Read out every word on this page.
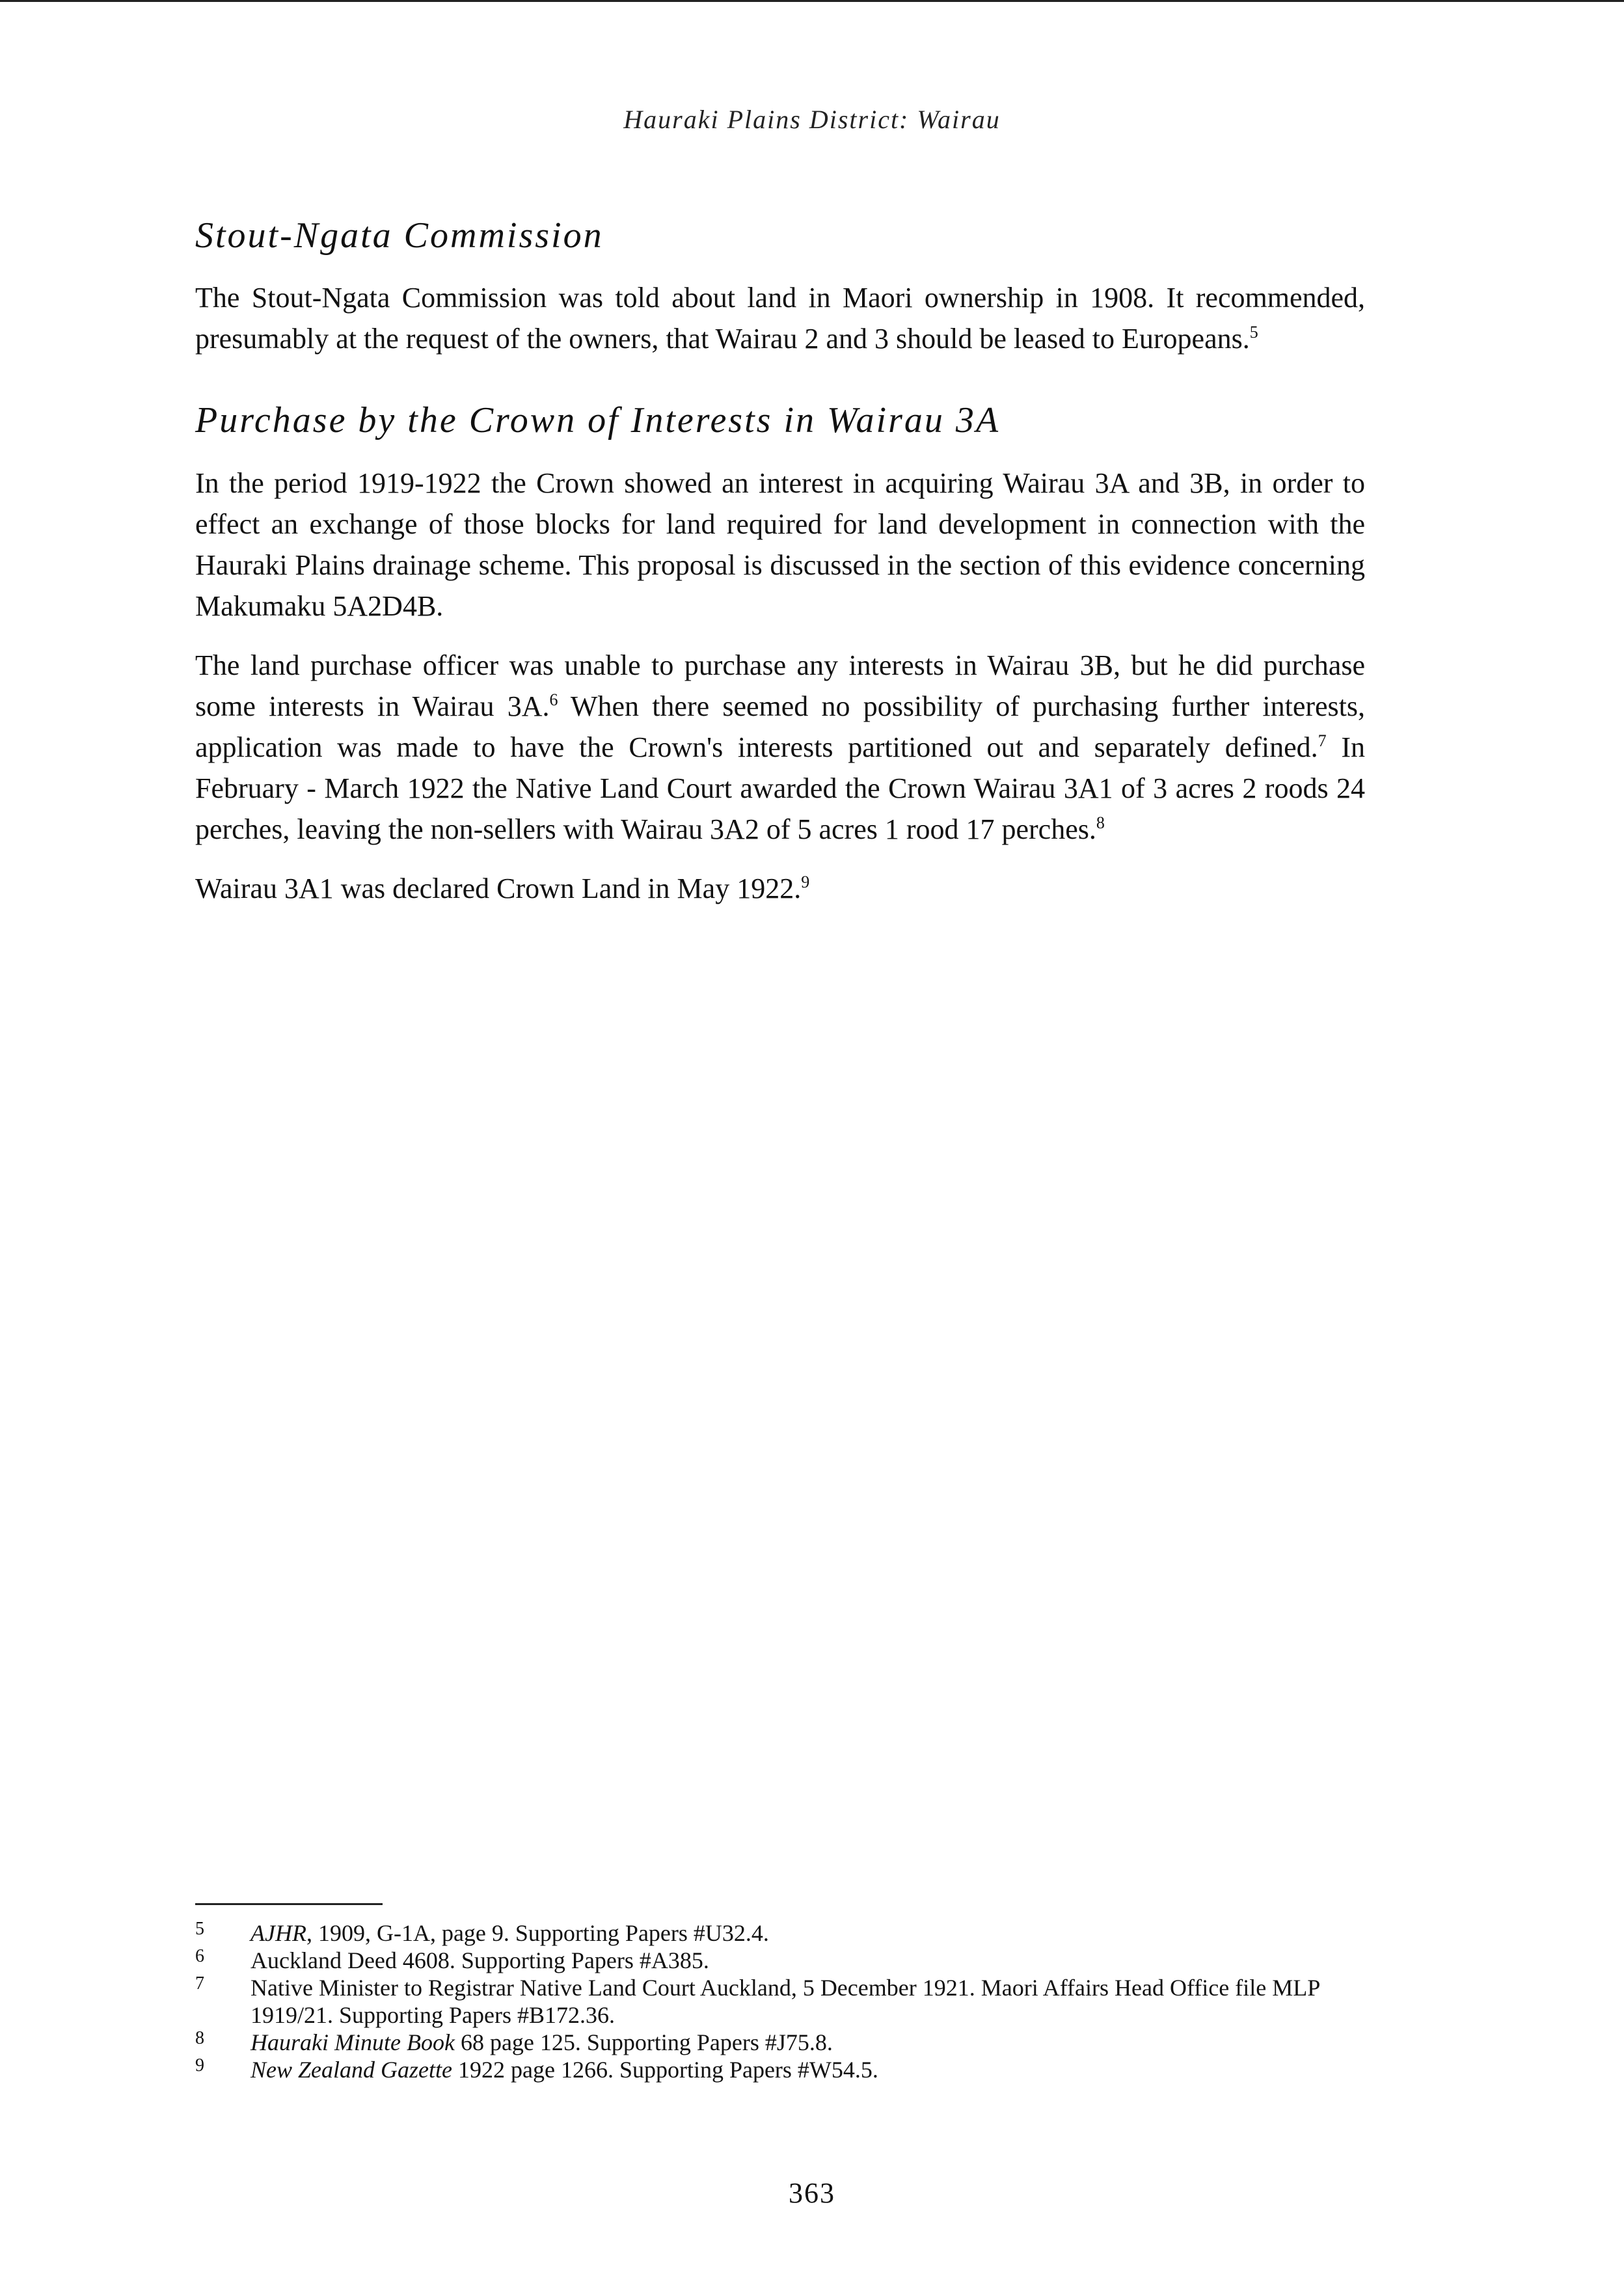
Hauraki Plains District: Wairau
Stout-Ngata Commission

The Stout-Ngata Commission was told about land in Maori ownership in 1908. It recommended, presumably at the request of the owners, that Wairau 2 and 3 should be leased to Europeans.$^5$

Purchase by the Crown of Interests in Wairau 3A

In the period 1919-1922 the Crown showed an interest in acquiring Wairau 3A and 3B, in order to effect an exchange of those blocks for land required for land development in connection with the Hauraki Plains drainage scheme. This proposal is discussed in the section of this evidence concerning Makumaku 5A2D4B.

The land purchase officer was unable to purchase any interests in Wairau 3B, but he did purchase some interests in Wairau 3A.$^6$ When there seemed no possibility of purchasing further interests, application was made to have the Crown's interests partitioned out and separately defined.$^7$ In February - March 1922 the Native Land Court awarded the Crown Wairau 3A1 of 3 acres 2 roods 24 perches, leaving the non-sellers with Wairau 3A2 of 5 acres 1 rood 17 perches.$^8$

Wairau 3A1 was declared Crown Land in May 1922.$^9$

5	AJHR, 1909, G-1A, page 9. Supporting Papers #U32.4.
6	Auckland Deed 4608. Supporting Papers #A385.
7	Native Minister to Registrar Native Land Court Auckland, 5 December 1921. Maori Affairs Head Office file MLP 1919/21. Supporting Papers #B172.36.
8	Hauraki Minute Book 68 page 125. Supporting Papers #J75.8.
9	New Zealand Gazette 1922 page 1266. Supporting Papers #W54.5.
363
